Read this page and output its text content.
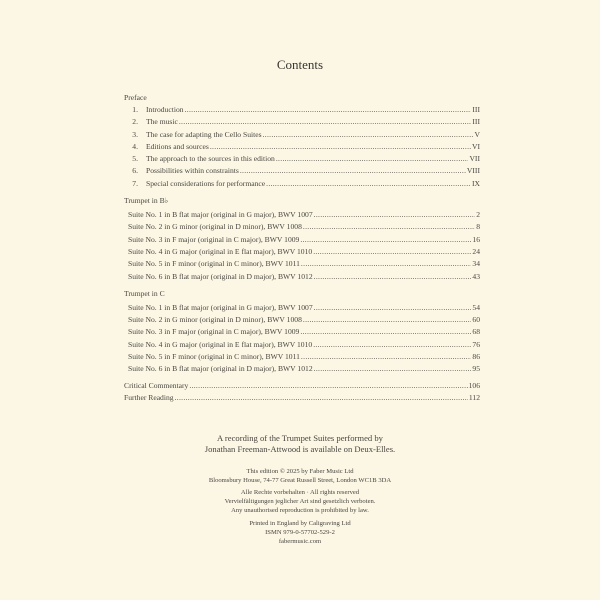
Contents
Preface
1. Introduction .....	III
2. The music .....	III
3. The case for adapting the Cello Suites .....	V
4. Editions and sources .....	VI
5. The approach to the sources in this edition .....	VII
6. Possibilities within constraints .....	VIII
7. Special considerations for performance .....	IX
Trumpet in B♭
Suite No. 1 in B flat major (original in G major), BWV 1007 .....	2
Suite No. 2 in G minor (original in D minor), BWV 1008 .....	8
Suite No. 3 in F major (original in C major), BWV 1009 .....	16
Suite No. 4 in G major (original in E flat major), BWV 1010 .....	24
Suite No. 5 in F minor (original in C minor), BWV 1011 .....	34
Suite No. 6 in B flat major (original in D major), BWV 1012 .....	43
Trumpet in C
Suite No. 1 in B flat major (original in G major), BWV 1007 .....	54
Suite No. 2 in G minor (original in D minor), BWV 1008 .....	60
Suite No. 3 in F major (original in C major), BWV 1009 .....	68
Suite No. 4 in G major (original in E flat major), BWV 1010 .....	76
Suite No. 5 in F minor (original in C minor), BWV 1011 .....	86
Suite No. 6 in B flat major (original in D major), BWV 1012 .....	95
Critical Commentary .....	106
Further Reading .....	112
A recording of the Trumpet Suites performed by
Jonathan Freeman-Attwood is available on Deux-Elles.
This edition © 2025 by Faber Music Ltd
Bloomsbury House, 74-77 Great Russell Street, London WC1B 3DA
Alle Rechte vorbehalten · All rights reserved
Vervielfältigungen jeglicher Art sind gesetzlich verboten.
Any unauthorised reproduction is prohibited by law.
Printed in England by Caligraving Ltd
ISMN 979-0-57702-529-2
fabermusic.com
